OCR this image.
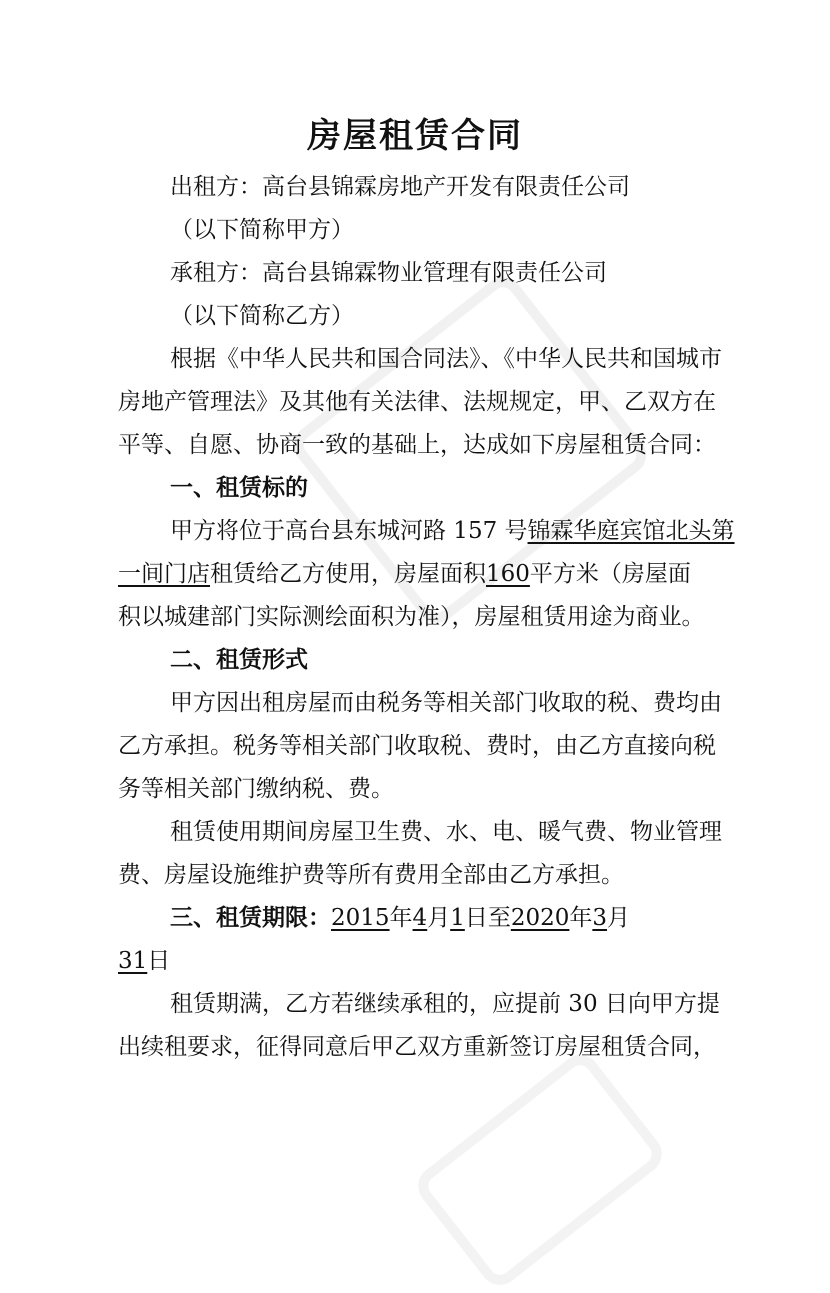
房屋租赁合同
出租方：高台县锦霖房地产开发有限责任公司
（以下简称甲方）
承租方：高台县锦霖物业管理有限责任公司
（以下简称乙方）
根据《中华人民共和国合同法》、《中华人民共和国城市
房地产管理法》及其他有关法律、法规规定，甲、乙双方在
平等、自愿、协商一致的基础上，达成如下房屋租赁合同：
一、租赁标的
甲方将位于高台县东城河路 157 号锦霖华庭宾馆北头第
一间门店租赁给乙方使用，房屋面积160平方米（房屋面
积以城建部门实际测绘面积为准），房屋租赁用途为商业。
二、租赁形式
甲方因出租房屋而由税务等相关部门收取的税、费均由
乙方承担。税务等相关部门收取税、费时，由乙方直接向税
务等相关部门缴纳税、费。
租赁使用期间房屋卫生费、水、电、暖气费、物业管理
费、房屋设施维护费等所有费用全部由乙方承担。
三、租赁期限：2015年4月1日至2020年3月
31日
租赁期满，乙方若继续承租的，应提前 30 日向甲方提
出续租要求，征得同意后甲乙双方重新签订房屋租赁合同，
